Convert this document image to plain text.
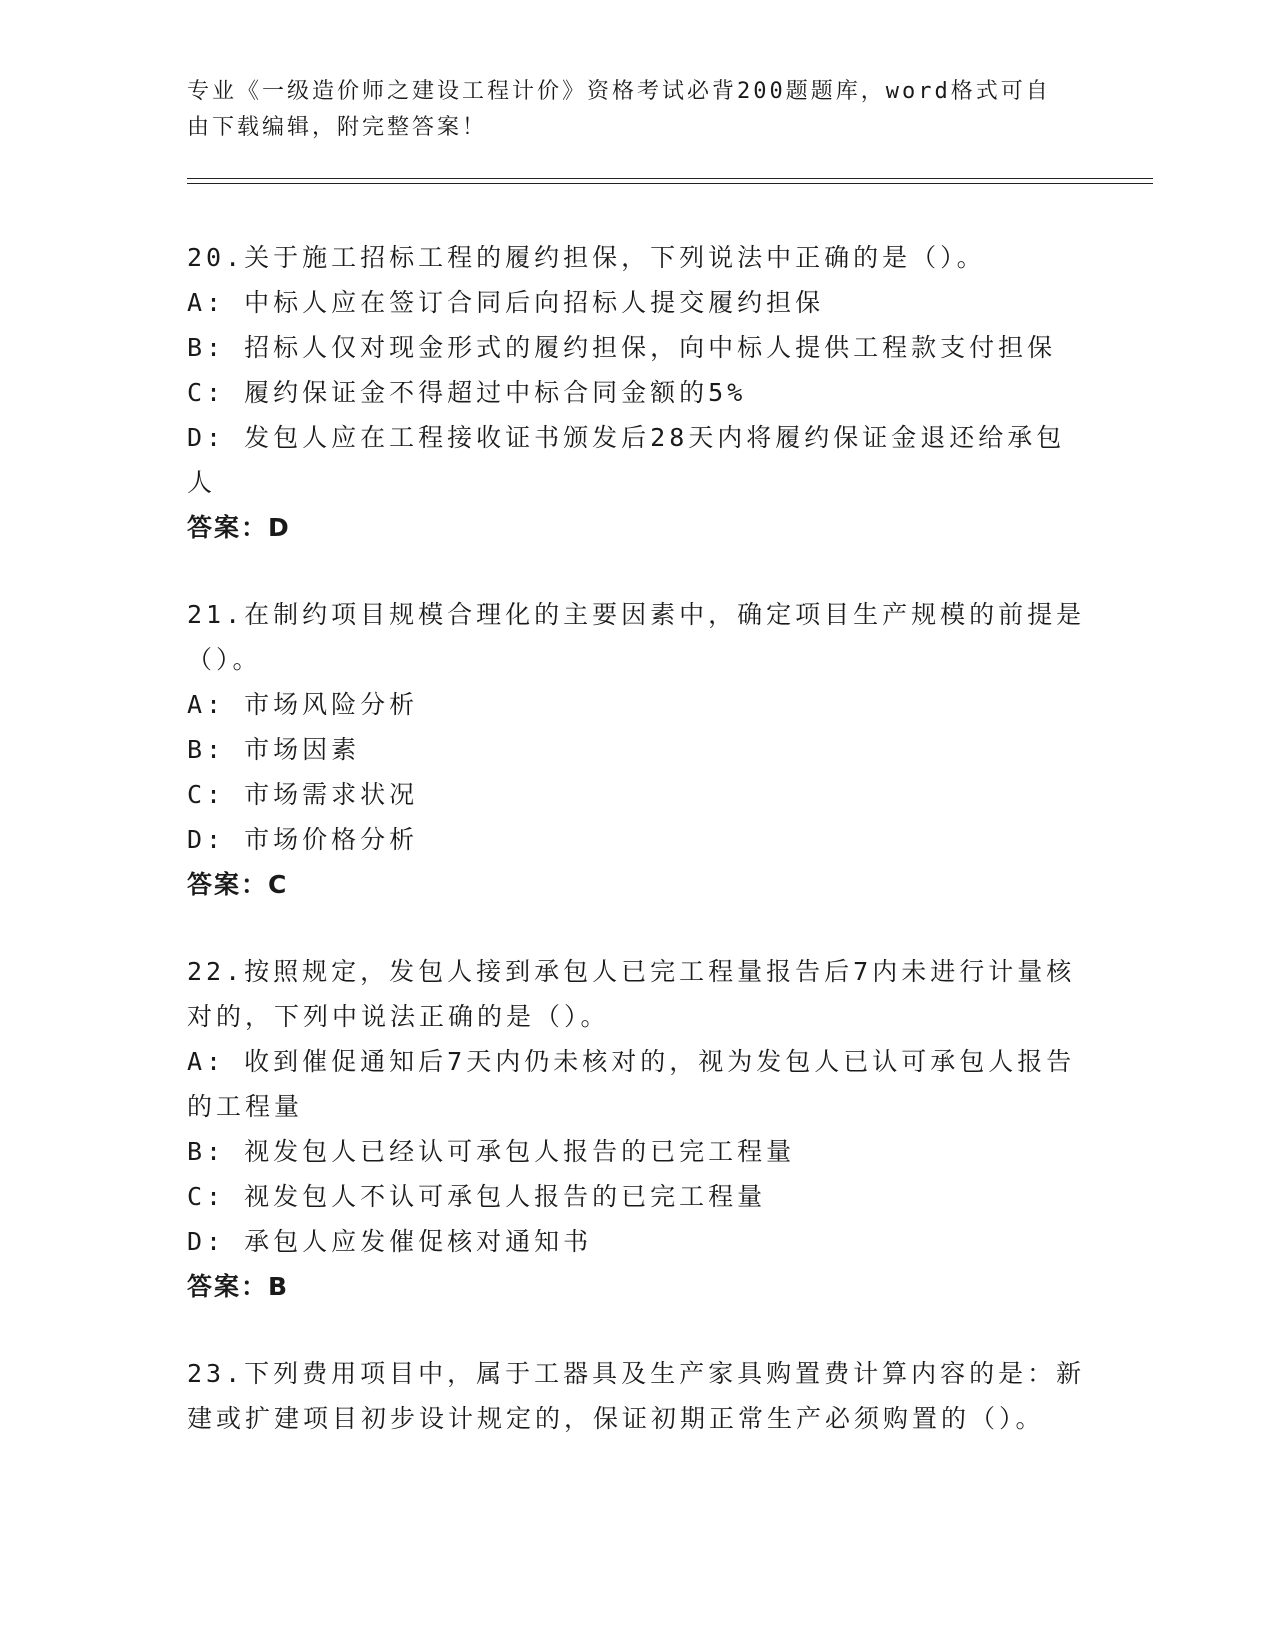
专业《一级造价师之建设工程计价》资格考试必背200题题库，word格式可自由下载编辑，附完整答案！
20.关于施工招标工程的履约担保，下列说法中正确的是（）。
A: 中标人应在签订合同后向招标人提交履约担保
B: 招标人仅对现金形式的履约担保，向中标人提供工程款支付担保
C: 履约保证金不得超过中标合同金额的5%
D: 发包人应在工程接收证书颁发后28天内将履约保证金退还给承包人
答案：D
21.在制约项目规模合理化的主要因素中，确定项目生产规模的前提是（）。
A: 市场风险分析
B: 市场因素
C: 市场需求状况
D: 市场价格分析
答案：C
22.按照规定，发包人接到承包人已完工程量报告后7内未进行计量核对的，下列中说法正确的是（）。
A: 收到催促通知后7天内仍未核对的，视为发包人已认可承包人报告的工程量
B: 视发包人已经认可承包人报告的已完工程量
C: 视发包人不认可承包人报告的已完工程量
D: 承包人应发催促核对通知书
答案：B
23.下列费用项目中，属于工器具及生产家具购置费计算内容的是：新建或扩建项目初步设计规定的，保证初期正常生产必须购置的（）。
